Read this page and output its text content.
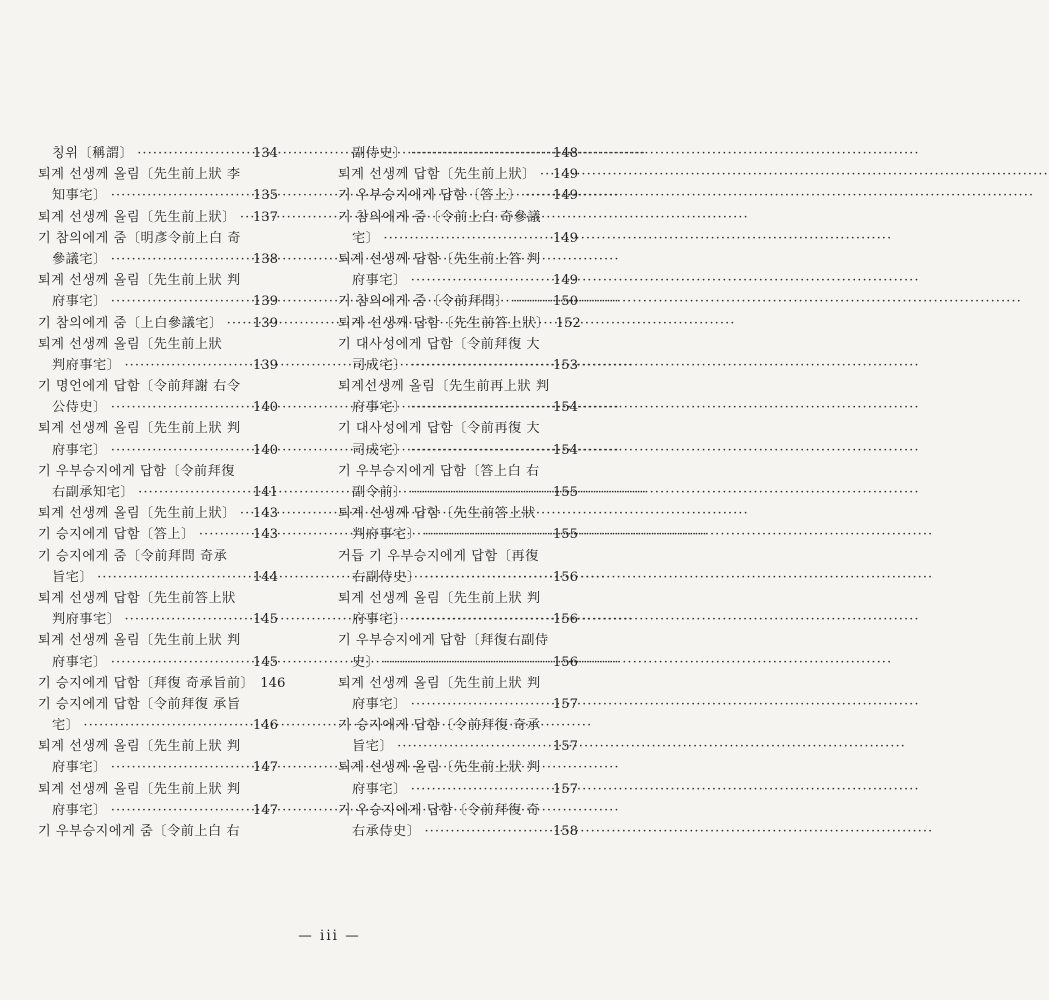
칭위〔稱謂〕 ·····	134
퇴계 선생께 올림〔先生前上狀 李
知事宅〕 ·····	135
퇴계 선생께 올림〔先生前上狀〕 ····· 137
기 참의에게 줌〔明彥令前上白 奇
參議宅〕 ·····	138
퇴계 선생께 올림〔先生前上狀 判
府事宅〕 ·····	139
기 참의에게 줌〔上白參議宅〕 ····· 139
퇴계 선생께 올림〔先生前上狀
判府事宅〕 ·····	139
기 명언에게 답함〔令前拜謝 右令
公侍史〕 ·····	140
퇴계 선생께 올림〔先生前上狀 判
府事宅〕 ·····	140
기 우부승지에게 답함〔令前拜復
右副承知宅〕 ·····	141
퇴계 선생께 올림〔先生前上狀〕 ····· 143
기 승지에게 답함〔答上〕 ·····	143
기 승지에게 줌〔令前拜問 奇承
旨宅〕 ·····	144
퇴계 선생께 답함〔先生前答上狀
判府事宅〕 ·····	145
퇴계 선생께 올림〔先生前上狀 判
府事宅〕 ·····	145
기 승지에게 답함〔拜復 奇承旨前〕 146
기 승지에게 답함〔令前拜復 承旨
宅〕 ·····	146
퇴계 선생께 올림〔先生前上狀 判
府事宅〕 ·····	147
퇴계 선생께 올림〔先生前上狀 判
府事宅〕 ·····	147
기 우부승지에게 줌〔令前上白 右
副侍史〕 ·····	148
퇴계 선생께 답함〔先生前上狀〕 ····· 149
기 우부승지에게 답함〔答上〕 ····· 149
기 참의에게 줌〔令前上白 奇參議
宅〕 ·····	149
퇴계 선생께 답함〔先生前上答 判
府事宅〕 ·····	149
기 참의에게 줌〔令前拜問〕 ·····	150
퇴계 선생께 답함〔先生前答上狀〕 152
기 대사성에게 답함〔令前拜復 大
司成宅〕 ·····	153
퇴계선생께 올림〔先生前再上狀 判
府事宅〕 ·····	154
기 대사성에게 답함〔令前再復 大
司成宅〕 ·····	154
기 우부승지에게 답함〔答上白 右
副令前〕 ·····	155
퇴계 선생께 답함〔先生前答上狀
判府事宅〕 ·····	155
거듭 기 우부승지에게 답함〔再復
右副侍史〕 ·····	156
퇴계 선생께 올림〔先生前上狀 判
府事宅〕 ·····	156
기 우부승지에게 답함〔拜復右副侍
史〕 ·····	156
퇴계 선생께 올림〔先生前上狀 判
府事宅〕 ·····	157
기 승지에게 답함〔令前拜復 奇承
旨宅〕 ·····	157
퇴계 선생께 올림〔先生前上狀 判
府事宅〕 ·····	157
기 우승지에게 답함〔令前拜復 奇
右承侍史〕 ·····	158
— iii —
